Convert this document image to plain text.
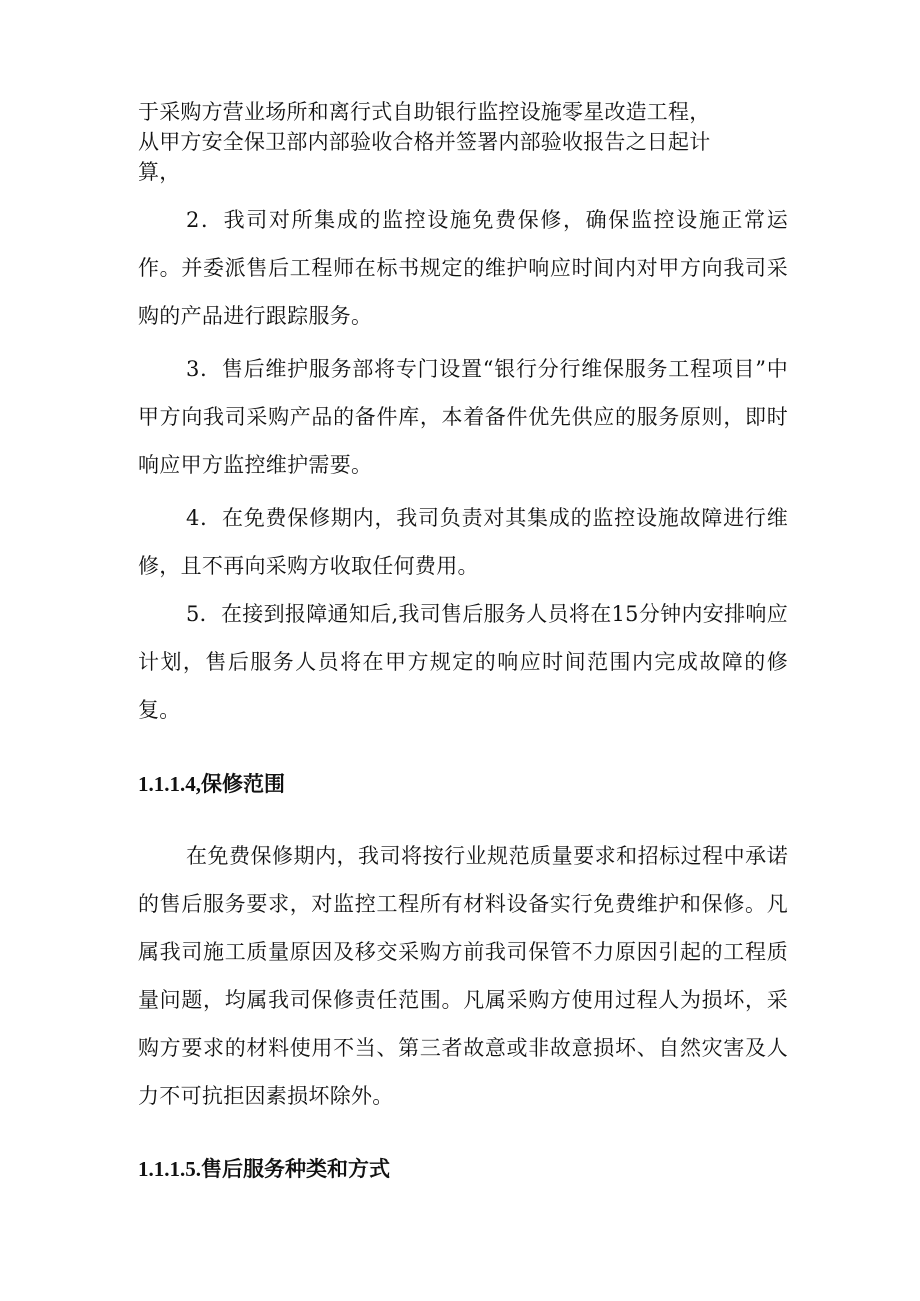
于采购方营业场所和离行式自助银行监控设施零星改造工程，
从甲方安全保卫部内部验收合格并签署内部验收报告之日起计
算，

2．我司对所集成的监控设施免费保修，确保监控设施正常运作。并委派售后工程师在标书规定的维护响应时间内对甲方向我司采购的产品进行跟踪服务。

3．售后维护服务部将专门设置“银行分行维保服务工程项目”中甲方向我司采购产品的备件库，本着备件优先供应的服务原则，即时响应甲方监控维护需要。

4．在免费保修期内，我司负责对其集成的监控设施故障进行维修，且不再向采购方收取任何费用。

5．在接到报障通知后,我司售后服务人员将在15分钟内安排响应计划，售后服务人员将在甲方规定的响应时间范围内完成故障的修复。

1.1.1.4,保修范围

在免费保修期内，我司将按行业规范质量要求和招标过程中承诺的售后服务要求，对监控工程所有材料设备实行免费维护和保修。凡属我司施工质量原因及移交采购方前我司保管不力原因引起的工程质量问题，均属我司保修责任范围。凡属采购方使用过程人为损坏，采购方要求的材料使用不当、第三者故意或非故意损坏、自然灾害及人力不可抗拒因素损坏除外。

1.1.1.5.售后服务种类和方式
